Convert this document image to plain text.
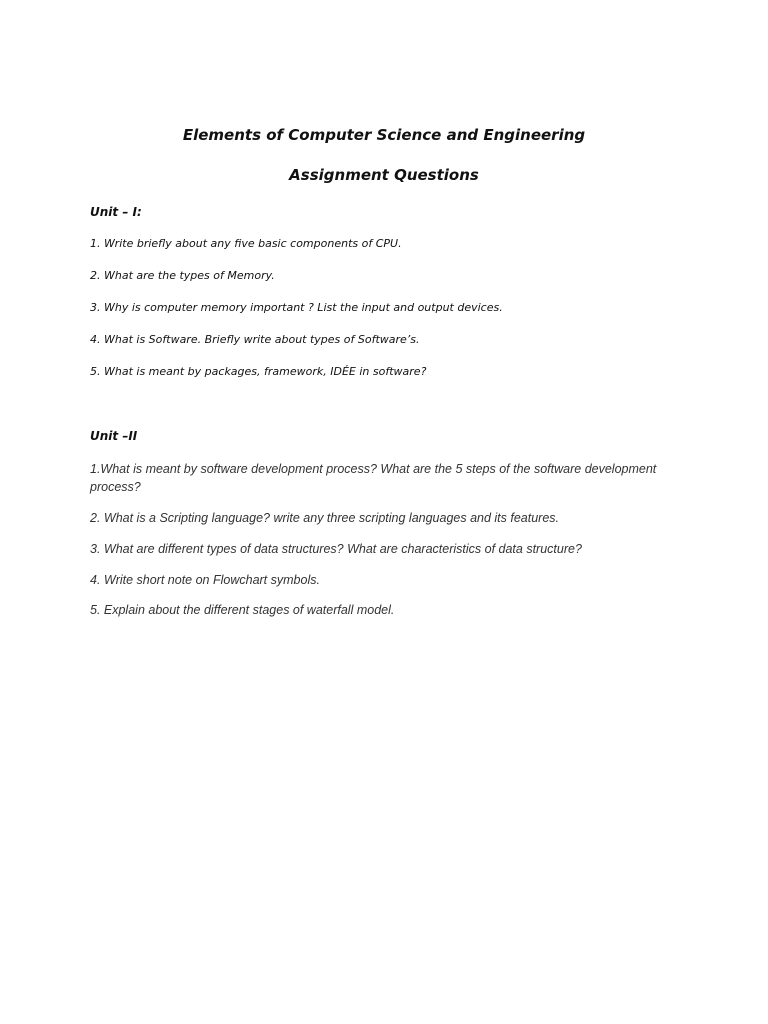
Elements of Computer Science and Engineering
Assignment Questions
Unit – I:

1. Write briefly about any five basic components of CPU.

2. What are the types of Memory.

3. Why is computer memory important ? List the input and output devices.

4. What is Software. Briefly write about types of Software’s.

5. What is meant by packages, framework, IDÉE in software?

Unit –II

1.What is meant by software development process? What are the 5 steps of the software development process?

2. What is a Scripting language? write any three scripting languages and its features.

3. What are different types of data structures? What are characteristics of data structure?

4. Write short note on Flowchart symbols.

5. Explain about the different stages of waterfall model.
